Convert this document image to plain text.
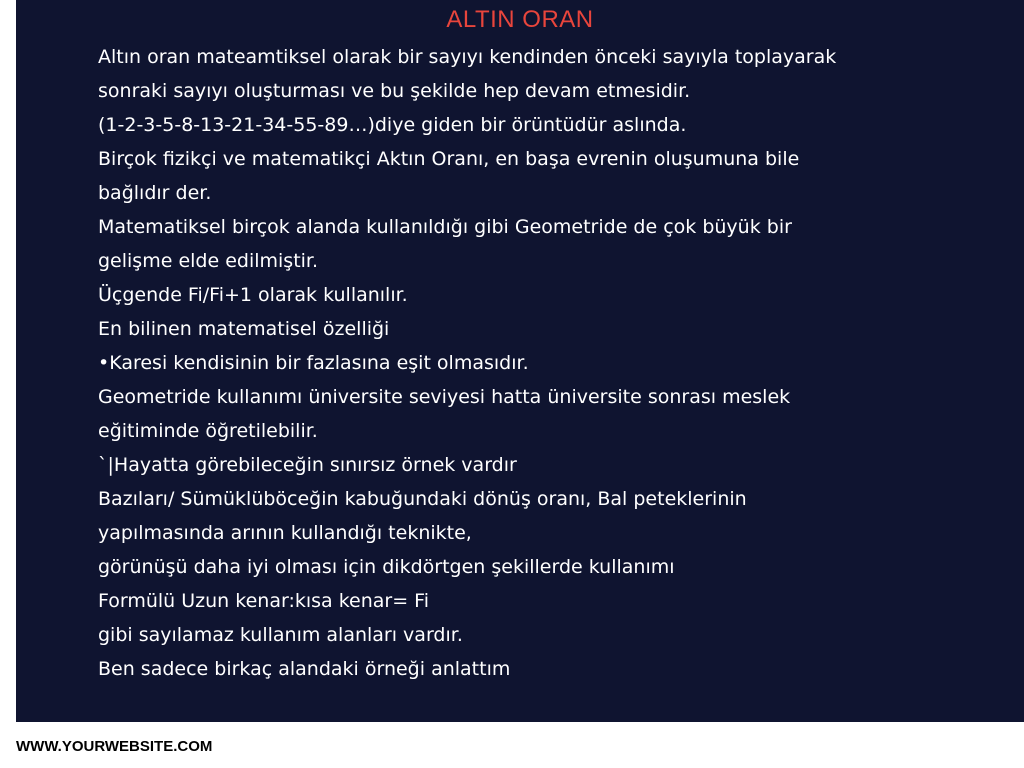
ALTIN ORAN
Altın oran mateamtiksel olarak bir sayıyı kendinden önceki sayıyla toplayarak
sonraki sayıyı oluşturması ve bu şekilde hep devam etmesidir.
(1-2-3-5-8-13-21-34-55-89…)diye giden bir örüntüdür aslında.
Birçok fizikçi ve matematikçi Aktın Oranı, en başa evrenin oluşumuna bile
bağlıdır der.
Matematiksel birçok alanda kullanıldığı gibi Geometride de çok büyük bir
gelişme elde edilmiştir.
Üçgende Fi/Fi+1 olarak kullanılır.
En bilinen matematisel özelliği
•Karesi kendisinin bir fazlasına eşit olmasıdır.
Geometride kullanımı üniversite seviyesi hatta üniversite sonrası meslek
eğitiminde öğretilebilir.
`|Hayatta görebileceğin sınırsız örnek vardır
Bazıları/ Sümüklüböceğin kabuğundaki dönüş oranı, Bal peteklerinin
yapılmasında arının kullandığı teknikte,
görünüşü daha iyi olması için dikdörtgen şekillerde kullanımı
Formülü Uzun kenar:kısa kenar= Fi
gibi sayılamaz kullanım alanları vardır.
Ben sadece birkaç alandaki örneği anlattım
WWW.YOURWEBSITE.COM
